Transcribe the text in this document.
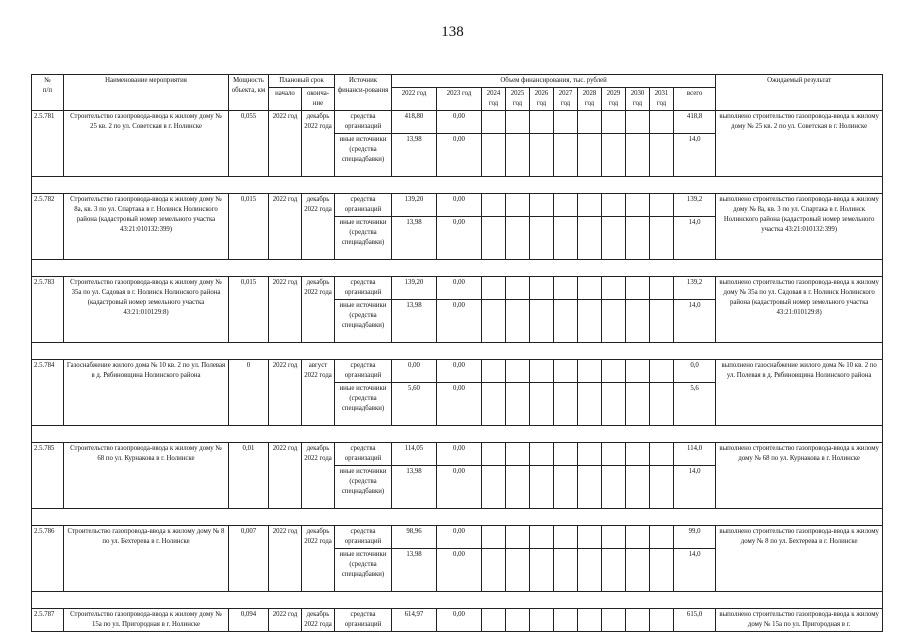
138
№
п/п	Наименование мероприятия	Мощность объекта, км	Плановый срок		Источник финанси-рования	Объем финансирования, тыс. рублей											Ожидаемый результат
			начало	оконча-ние		2022 год	2023 год	2024 год	2025 год	2026 год	2027 год	2028 год	2029 год	2030 год	2031 год	всего	
2.5.781	Строительство газопровода-ввода к жилому дому № 25 кв. 2 по ул. Советская в г. Нолинске	0,055	2022 год	декабрь 2022 года	средства организаций	418,80	0,00									418,8	выполнено строительство газопровода-ввода к жилому дому № 25 кв. 2 по ул. Советская в г. Нолинске
					иные источники (средства спецнадбавки)	13,98	0,00									14,0	

2.5.782	Строительство газопровода-ввода к жилому дому № 8а, кв. 3 по ул. Спартака в г. Нолинск Нолинского района (кадастровый номер земельного участка 43:21:010132:399)	0,015	2022 год	декабрь 2022 года	средства организаций	139,20	0,00									139,2	выполнено строительство газопровода-ввода к жилому дому № 8а, кв. 3 по ул. Спартака в г. Нолинск Нолинского района (кадастровый номер земельного участка 43:21:010132:399)
					иные источники (средства спецнадбавки)	13,98	0,00									14,0	

2.5.783	Строительство газопровода-ввода к жилому дому № 35а по ул. Садовая в г. Нолинск Нолинского района (кадастровый номер земельного участка 43:21:010129:8)	0,015	2022 год	декабрь 2022 года	средства организаций	139,20	0,00									139,2	выполнено строительство газопровода-ввода к жилому дому № 35а по ул. Садовая в г. Нолинск Нолинского района (кадастровый номер земельного участка 43:21:010129:8)
					иные источники (средства спецнадбавки)	13,98	0,00									14,0	

2.5.784	Газоснабжение жилого дома № 10 кв. 2 по ул. Полевая в д. Рябиновщина Нолинского района	0	2022 год	август 2022 года	средства организаций	0,00	0,00									0,0	выполнено газоснабжение жилого дома № 10 кв. 2 по ул. Полевая в д. Рябиновщина Нолинского района
					иные источники (средства спецнадбавки)	5,60	0,00									5,6	

2.5.785	Строительство газопровода-ввода к жилому дому № 68 по ул. Курнакова в г. Нолинске	0,01	2022 год	декабрь 2022 года	средства организаций	114,05	0,00									114,0	выполнено строительство газопровода-ввода к жилому дому № 68 по ул. Курнакова в г. Нолинске
					иные источники (средства спецнадбавки)	13,98	0,00									14,0	

2.5.786	Строительство газопровода-ввода к жилому дому № 8 по ул. Бехтерева в г. Нолинске	0,007	2022 год	декабрь 2022 года	средства организаций	98,96	0,00									99,0	выполнено строительство газопровода-ввода к жилому дому № 8 по ул. Бехтерева в г. Нолинске
					иные источники (средства спецнадбавки)	13,98	0,00									14,0	

2.5.787	Строительство газопровода-ввода к жилому дому № 15а по ул. Пригородная в г. Нолинске	0,094	2022 год	декабрь 2022 года	средства организаций	614,97	0,00									615,0	выполнено строительство газопровода-ввода к жилому дому № 15а по ул. Пригородная в г.
